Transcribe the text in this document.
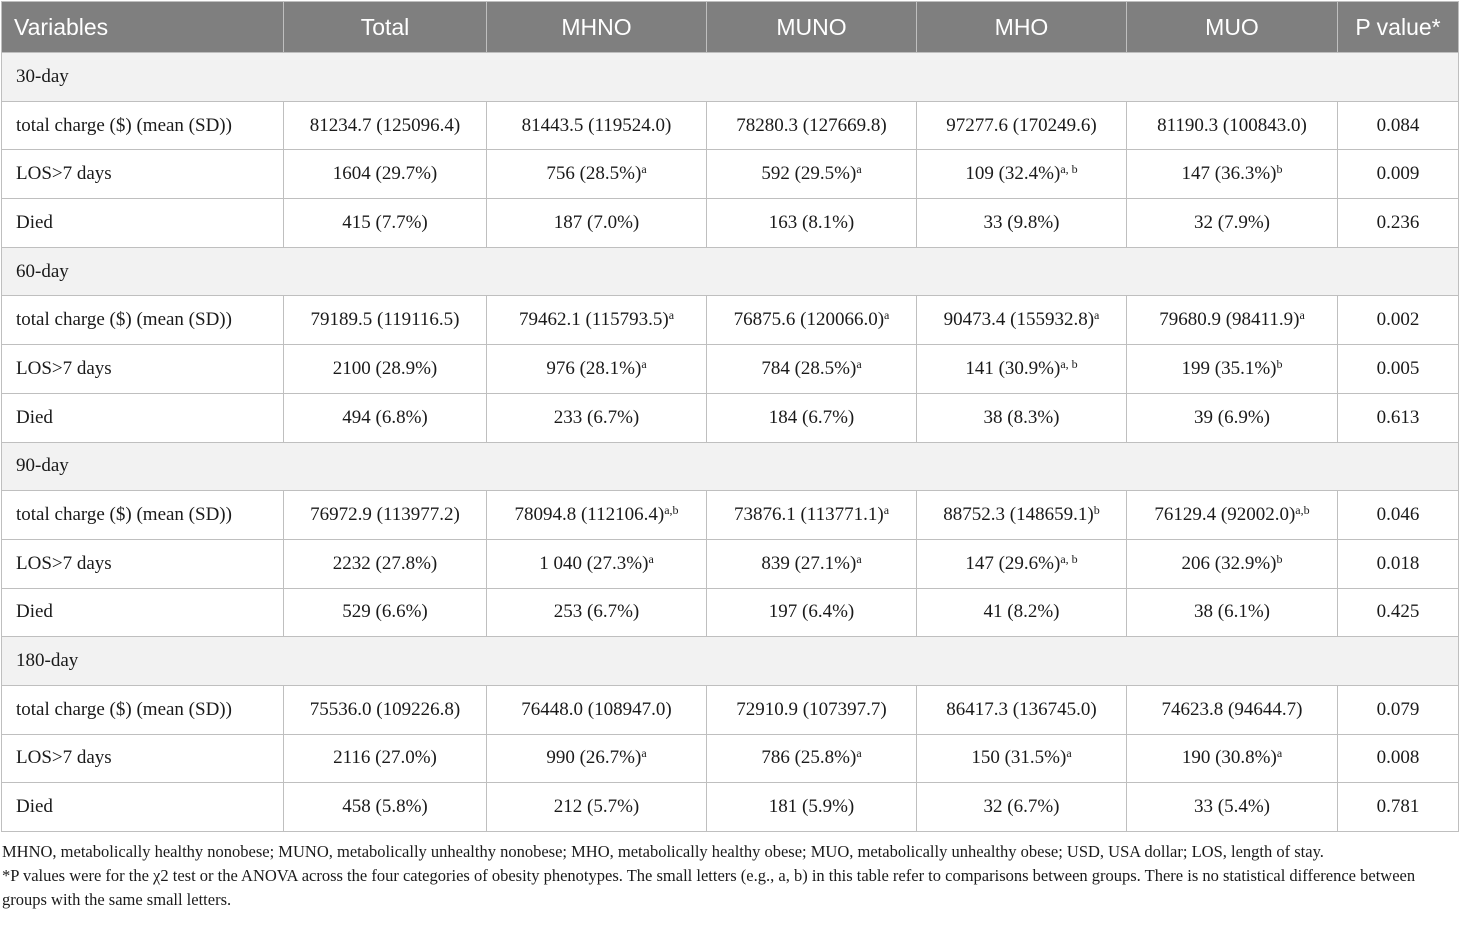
Variables	Total	MHNO	MUNO	MHO	MUO	P value*
30-day						
total charge ($) (mean (SD))	81234.7 (125096.4)	81443.5 (119524.0)	78280.3 (127669.8)	97277.6 (170249.6)	81190.3 (100843.0)	0.084
LOS>7 days	1604 (29.7%)	756 $(28.5\%)^a$	592 $(29.5\%)^a$	109 $(32.4\%)^{a, b}$	147 $(36.3\%)^b$	0.009
Died	415 (7.7%)	187 (7.0%)	163 (8.1%)	33 (9.8%)	32 (7.9%)	0.236
60-day						
total charge ($) (mean (SD))	79189.5 (119116.5)	79462.1 $(115793.5)^a$	76875.6 $(120066.0)^a$	90473.4 $(155932.8)^a$	79680.9 $(98411.9)^a$	0.002
LOS>7 days	2100 (28.9%)	976 $(28.1\%)^a$	784 $(28.5\%)^a$	141 $(30.9\%)^{a, b}$	199 $(35.1\%)^b$	0.005
Died	494 (6.8%)	233 (6.7%)	184 (6.7%)	38 (8.3%)	39 (6.9%)	0.613
90-day						
total charge ($) (mean (SD))	76972.9 (113977.2)	78094.8 $(112106.4)^{a,b}$	73876.1 $(113771.1)^a$	88752.3 $(148659.1)^b$	76129.4 $(92002.0)^{a,b}$	0.046
LOS>7 days	2232 (27.8%)	1 040 $(27.3\%)^a$	839 $(27.1\%)^a$	147 $(29.6\%)^{a, b}$	206 $(32.9\%)^b$	0.018
Died	529 (6.6%)	253 (6.7%)	197 (6.4%)	41 (8.2%)	38 (6.1%)	0.425
180-day						
total charge ($) (mean (SD))	75536.0 (109226.8)	76448.0 (108947.0)	72910.9 (107397.7)	86417.3 (136745.0)	74623.8 (94644.7)	0.079
LOS>7 days	2116 (27.0%)	990 $(26.7\%)^a$	786 $(25.8\%)^a$	150 $(31.5\%)^a$	190 $(30.8\%)^a$	0.008
Died	458 (5.8%)	212 (5.7%)	181 (5.9%)	32 (6.7%)	33 (5.4%)	0.781

MHNO, metabolically healthy nonobese; MUNO, metabolically unhealthy nonobese; MHO, metabolically healthy obese; MUO, metabolically unhealthy obese; USD, USA dollar; LOS, length of stay.

*P values were for the χ2 test or the ANOVA across the four categories of obesity phenotypes. The small letters (e.g., a, b) in this table refer to comparisons between groups. There is no statistical difference between groups with the same small letters.
